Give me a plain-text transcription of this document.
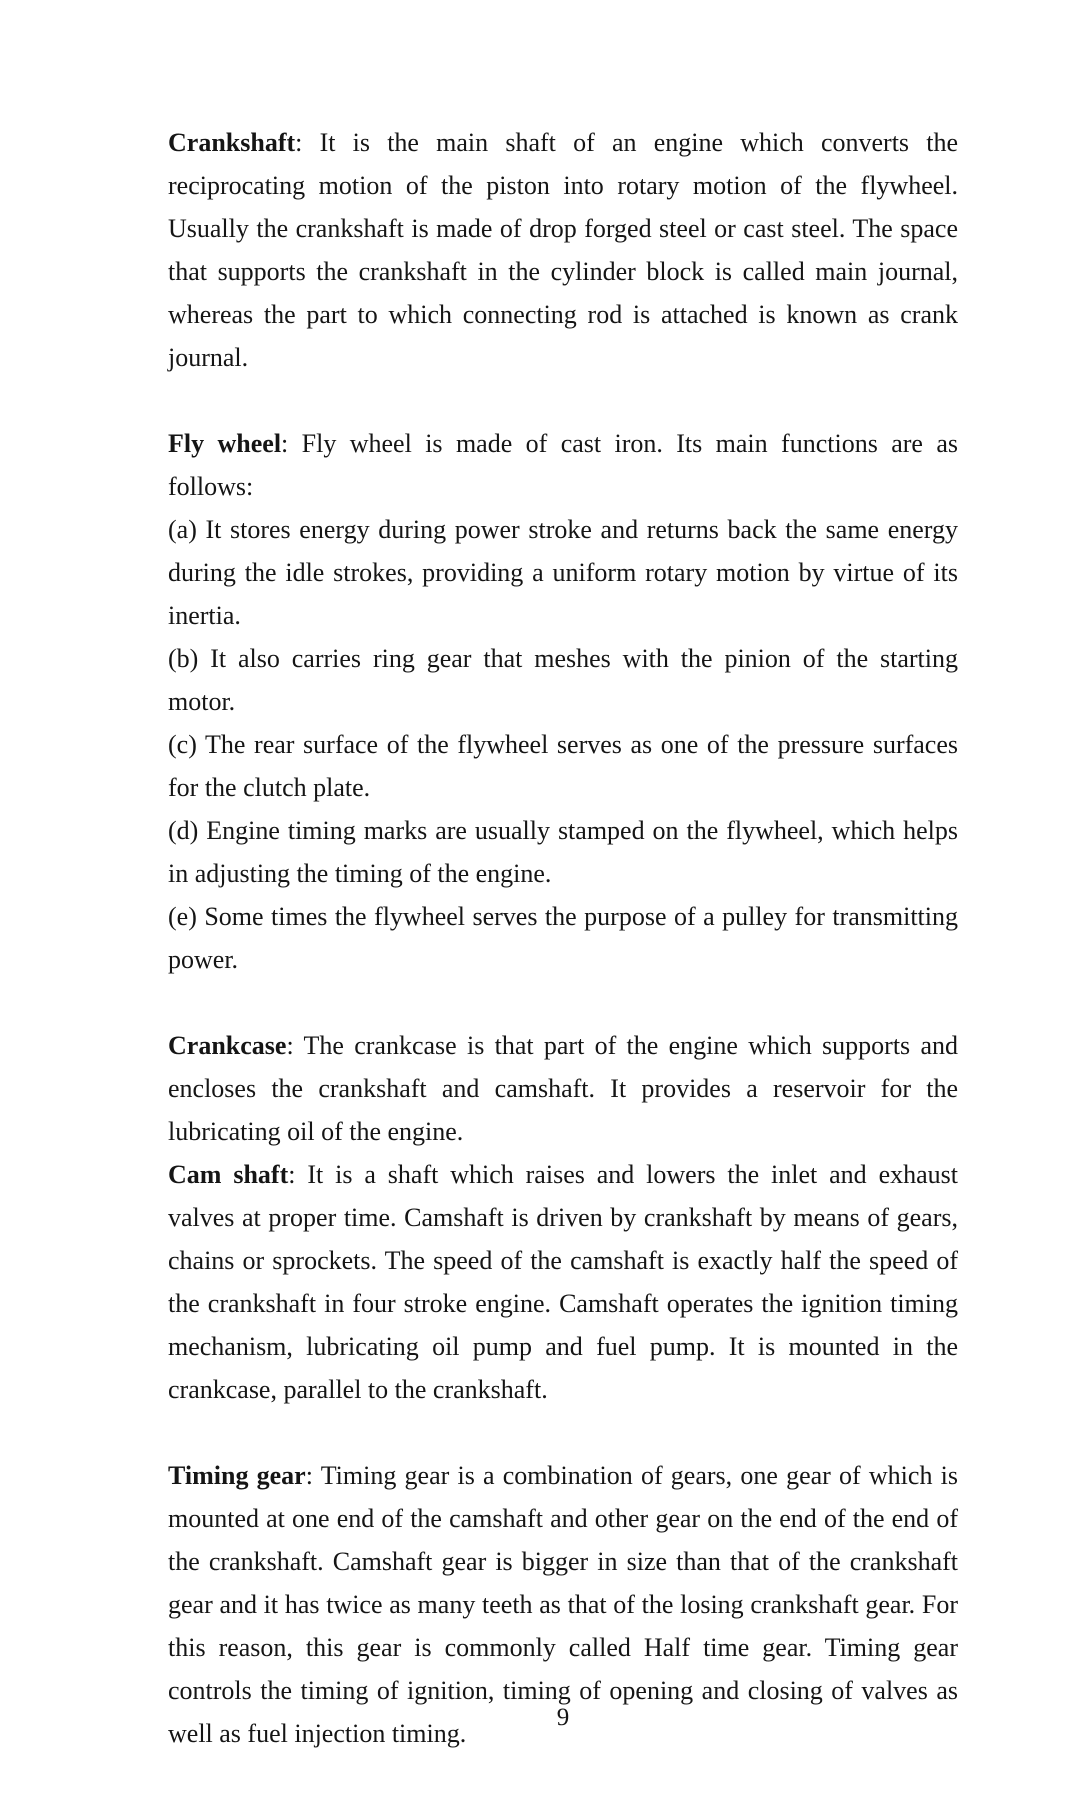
Crankshaft: It is the main shaft of an engine which converts the reciprocating motion of the piston into rotary motion of the flywheel. Usually the crankshaft is made of drop forged steel or cast steel. The space that supports the crankshaft in the cylinder block is called main journal, whereas the part to which connecting rod is attached is known as crank journal.

Fly wheel: Fly wheel is made of cast iron. Its main functions are as follows:

(a) It stores energy during power stroke and returns back the same energy during the idle strokes, providing a uniform rotary motion by virtue of its inertia.

(b) It also carries ring gear that meshes with the pinion of the starting motor.

(c) The rear surface of the flywheel serves as one of the pressure surfaces for the clutch plate.

(d) Engine timing marks are usually stamped on the flywheel, which helps in adjusting the timing of the engine.

(e) Some times the flywheel serves the purpose of a pulley for transmitting power.

Crankcase: The crankcase is that part of the engine which supports and encloses the crankshaft and camshaft. It provides a reservoir for the lubricating oil of the engine.

Cam shaft: It is a shaft which raises and lowers the inlet and exhaust valves at proper time. Camshaft is driven by crankshaft by means of gears, chains or sprockets. The speed of the camshaft is exactly half the speed of the crankshaft in four stroke engine. Camshaft operates the ignition timing mechanism, lubricating oil pump and fuel pump. It is mounted in the crankcase, parallel to the crankshaft.

Timing gear: Timing gear is a combination of gears, one gear of which is mounted at one end of the camshaft and other gear on the end of the end of the crankshaft. Camshaft gear is bigger in size than that of the crankshaft gear and it has twice as many teeth as that of the losing crankshaft gear. For this reason, this gear is commonly called Half time gear. Timing gear controls the timing of ignition, timing of opening and closing of valves as well as fuel injection timing.

9
